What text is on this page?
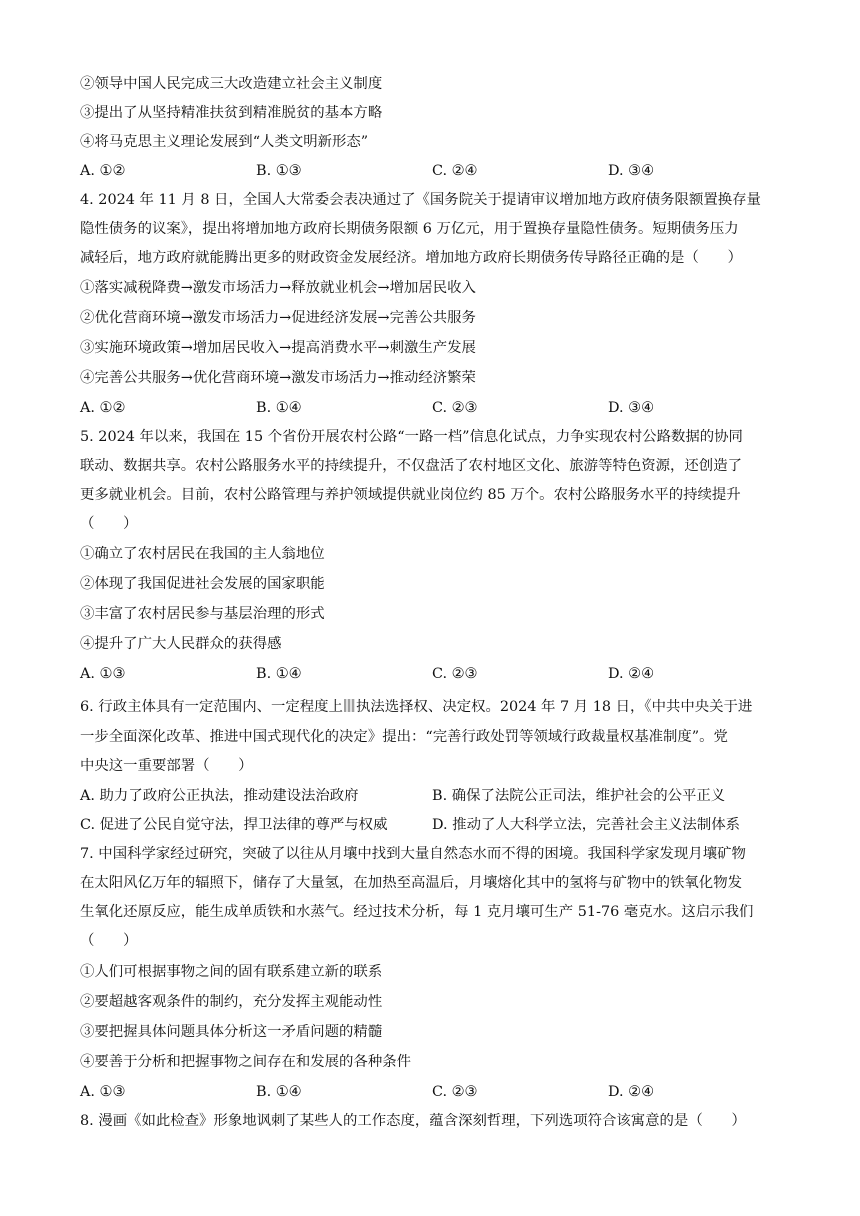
②领导中国人民完成三大改造建立社会主义制度
③提出了从坚持精准扶贫到精准脱贫的基本方略
④将马克思主义理论发展到“人类文明新形态”
A. ①②	B. ①③	C. ②④	D. ③④
4. 2024 年 11 月 8 日，全国人大常委会表决通过了《国务院关于提请审议增加地方政府债务限额置换存量
隐性债务的议案》，提出将增加地方政府长期债务限额 6 万亿元，用于置换存量隐性债务。短期债务压力
减轻后，地方政府就能腾出更多的财政资金发展经济。增加地方政府长期债务传导路径正确的是（　　）
①落实减税降费→激发市场活力→释放就业机会→增加居民收入
②优化营商环境→激发市场活力→促进经济发展→完善公共服务
③实施环境政策→增加居民收入→提高消费水平→刺激生产发展
④完善公共服务→优化营商环境→激发市场活力→推动经济繁荣
A. ①②	B. ①④	C. ②③	D. ③④
5. 2024 年以来，我国在 15 个省份开展农村公路“一路一档”信息化试点，力争实现农村公路数据的协同
联动、数据共享。农村公路服务水平的持续提升，不仅盘活了农村地区文化、旅游等特色资源，还创造了
更多就业机会。目前，农村公路管理与养护领域提供就业岗位约 85 万个。农村公路服务水平的持续提升
（　　）
①确立了农村居民在我国的主人翁地位
②体现了我国促进社会发展的国家职能
③丰富了农村居民参与基层治理的形式
④提升了广大人民群众的获得感
A. ①③	B. ①④	C. ②③	D. ②④
6. 行政主体具有一定范围内、一定程度上 执法选择权、决定权。2024 年 7 月 18 日，《中共中央关于进
一步全面深化改革、推进中国式现代化的决定》提出：“完善行政处罚等领域行政裁量权基准制度”。党
中央这一重要部署（　　）
A. 助力了政府公正执法，推动建设法治政府	B. 确保了法院公正司法，维护社会的公平正义
C. 促进了公民自觉守法，捍卫法律的尊严与权威	D. 推动了人大科学立法，完善社会主义法制体系
7. 中国科学家经过研究，突破了以往从月壤中找到大量自然态水而不得的困境。我国科学家发现月壤矿物
在太阳风亿万年的辐照下，储存了大量氢，在加热至高温后，月壤熔化其中的氢将与矿物中的铁氧化物发
生氧化还原反应，能生成单质铁和水蒸气。经过技术分析，每 1 克月壤可生产 51-76 毫克水。这启示我们
（　　）
①人们可根据事物之间的固有联系建立新的联系
②要超越客观条件的制约，充分发挥主观能动性
③要把握具体问题具体分析这一矛盾问题的精髓
④要善于分析和把握事物之间存在和发展的各种条件
A. ①③	B. ①④	C. ②③	D. ②④
8. 漫画《如此检查》形象地讽刺了某些人的工作态度，蕴含深刻哲理，下列选项符合该寓意的是（　　）
